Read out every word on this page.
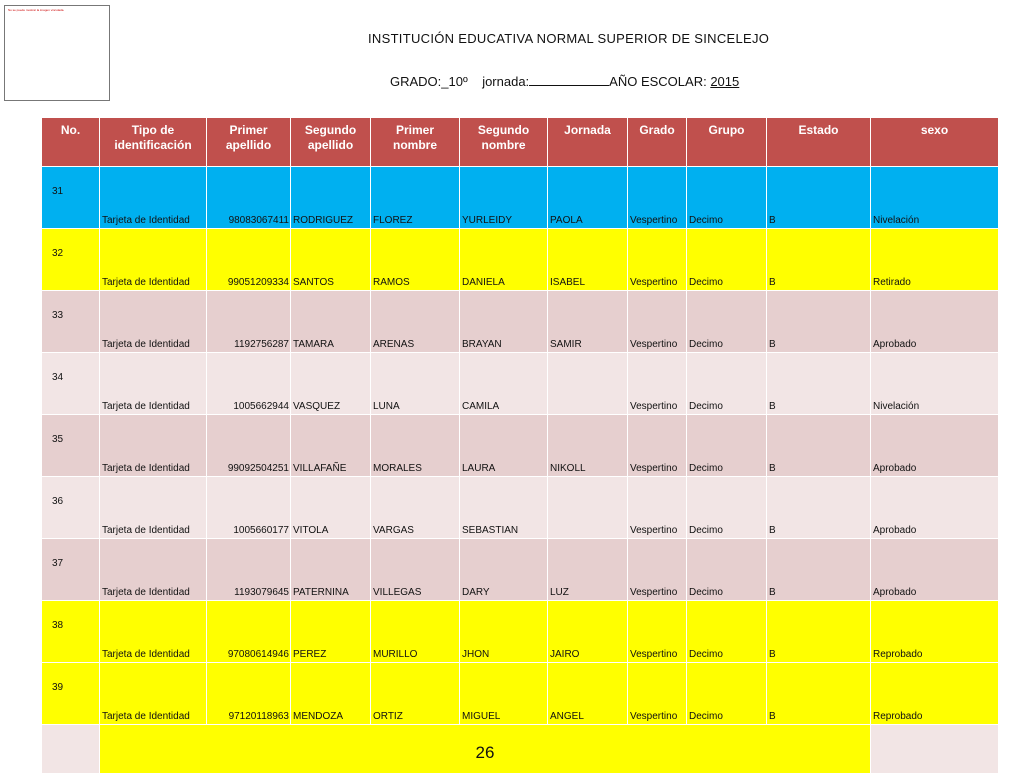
No se puede mostrar la imagen vinculada.
INSTITUCIÓN EDUCATIVA NORMAL SUPERIOR DE SINCELEJO
GRADO:_10º jornada:	AÑO ESCOLAR: 2015
No.	Tipo de identificación	Primer apellido	Segundo apellido	Primer nombre	Segundo nombre	Jornada	Grado	Grupo	Estado	sexo
31	Tarjeta de Identidad	98083067411	RODRIGUEZ	FLOREZ	YURLEIDY	PAOLA	Vespertino	Decimo	B	Nivelación
32	Tarjeta de Identidad	99051209334	SANTOS	RAMOS	DANIELA	ISABEL	Vespertino	Decimo	B	Retirado
33	Tarjeta de Identidad	1192756287	TAMARA	ARENAS	BRAYAN	SAMIR	Vespertino	Decimo	B	Aprobado
34	Tarjeta de Identidad	1005662944	VASQUEZ	LUNA	CAMILA		Vespertino	Decimo	B	Nivelación
35	Tarjeta de Identidad	99092504251	VILLAFAÑE	MORALES	LAURA	NIKOLL	Vespertino	Decimo	B	Aprobado
36	Tarjeta de Identidad	1005660177	VITOLA	VARGAS	SEBASTIAN		Vespertino	Decimo	B	Aprobado
37	Tarjeta de Identidad	1193079645	PATERNINA	VILLEGAS	DARY	LUZ	Vespertino	Decimo	B	Aprobado
38	Tarjeta de Identidad	97080614946	PEREZ	MURILLO	JHON	JAIRO	Vespertino	Decimo	B	Reprobado
39	Tarjeta de Identidad	97120118963	MENDOZA	ORTIZ	MIGUEL	ANGEL	Vespertino	Decimo	B	Reprobado
	26									
